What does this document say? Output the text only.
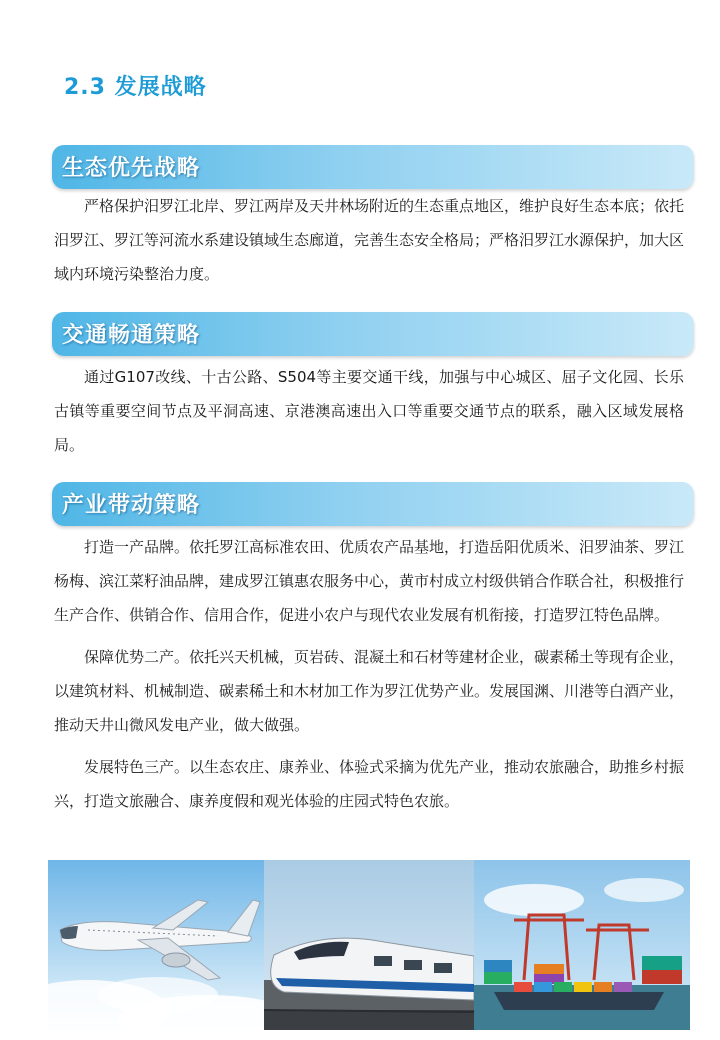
2.3 发展战略
生态优先战略

严格保护汨罗江北岸、罗江两岸及天井林场附近的生态重点地区，维护良好生态本底；依托汨罗江、罗江等河流水系建设镇域生态廊道，完善生态安全格局；严格汨罗江水源保护，加大区域内环境污染整治力度。

交通畅通策略

通过G107改线、十古公路、S504等主要交通干线，加强与中心城区、屈子文化园、长乐古镇等重要空间节点及平洞高速、京港澳高速出入口等重要交通节点的联系，融入区域发展格局。

产业带动策略

打造一产品牌。依托罗江高标准农田、优质农产品基地，打造岳阳优质米、汨罗油茶、罗江杨梅、滨江菜籽油品牌，建成罗江镇惠农服务中心，黄市村成立村级供销合作联合社，积极推行生产合作、供销合作、信用合作，促进小农户与现代农业发展有机衔接，打造罗江特色品牌。

保障优势二产。依托兴天机械，页岩砖、混凝土和石材等建材企业，碳素稀土等现有企业，以建筑材料、机械制造、碳素稀土和木材加工作为罗江优势产业。发展国渊、川港等白酒产业，推动天井山微风发电产业，做大做强。

发展特色三产。以生态农庄、康养业、体验式采摘为优先产业，推动农旅融合，助推乡村振兴，打造文旅融合、康养度假和观光体验的庄园式特色农旅。
